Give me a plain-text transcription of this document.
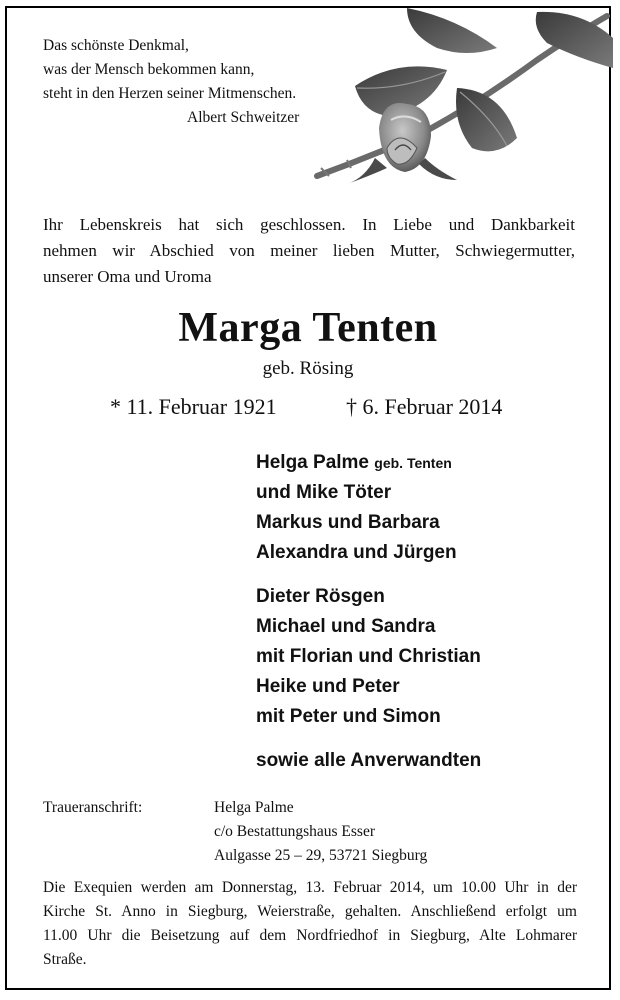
Das schönste Denkmal,
was der Mensch bekommen kann,
steht in den Herzen seiner Mitmenschen.
Albert Schweitzer
Ihr Lebenskreis hat sich geschlossen. In Liebe und Dankbarkeit
nehmen wir Abschied von meiner lieben Mutter, Schwiegermutter,
unserer Oma und Uroma
Marga Tenten
geb. Rösing
* 11. Februar 1921	† 6. Februar 2014
Helga Palme geb. Tenten
und Mike Töter
Markus und Barbara
Alexandra und Jürgen
Dieter Rösgen
Michael und Sandra
mit Florian und Christian
Heike und Peter
mit Peter und Simon
sowie alle Anverwandten
Traueranschrift:	Helga Palme
c/o Bestattungshaus Esser
Aulgasse 25 – 29, 53721 Siegburg
Die Exequien werden am Donnerstag, 13. Februar 2014, um 10.00 Uhr in der
Kirche St. Anno in Siegburg, Weierstraße, gehalten. Anschließend erfolgt um
11.00 Uhr die Beisetzung auf dem Nordfriedhof in Siegburg, Alte Lohmarer
Straße.
